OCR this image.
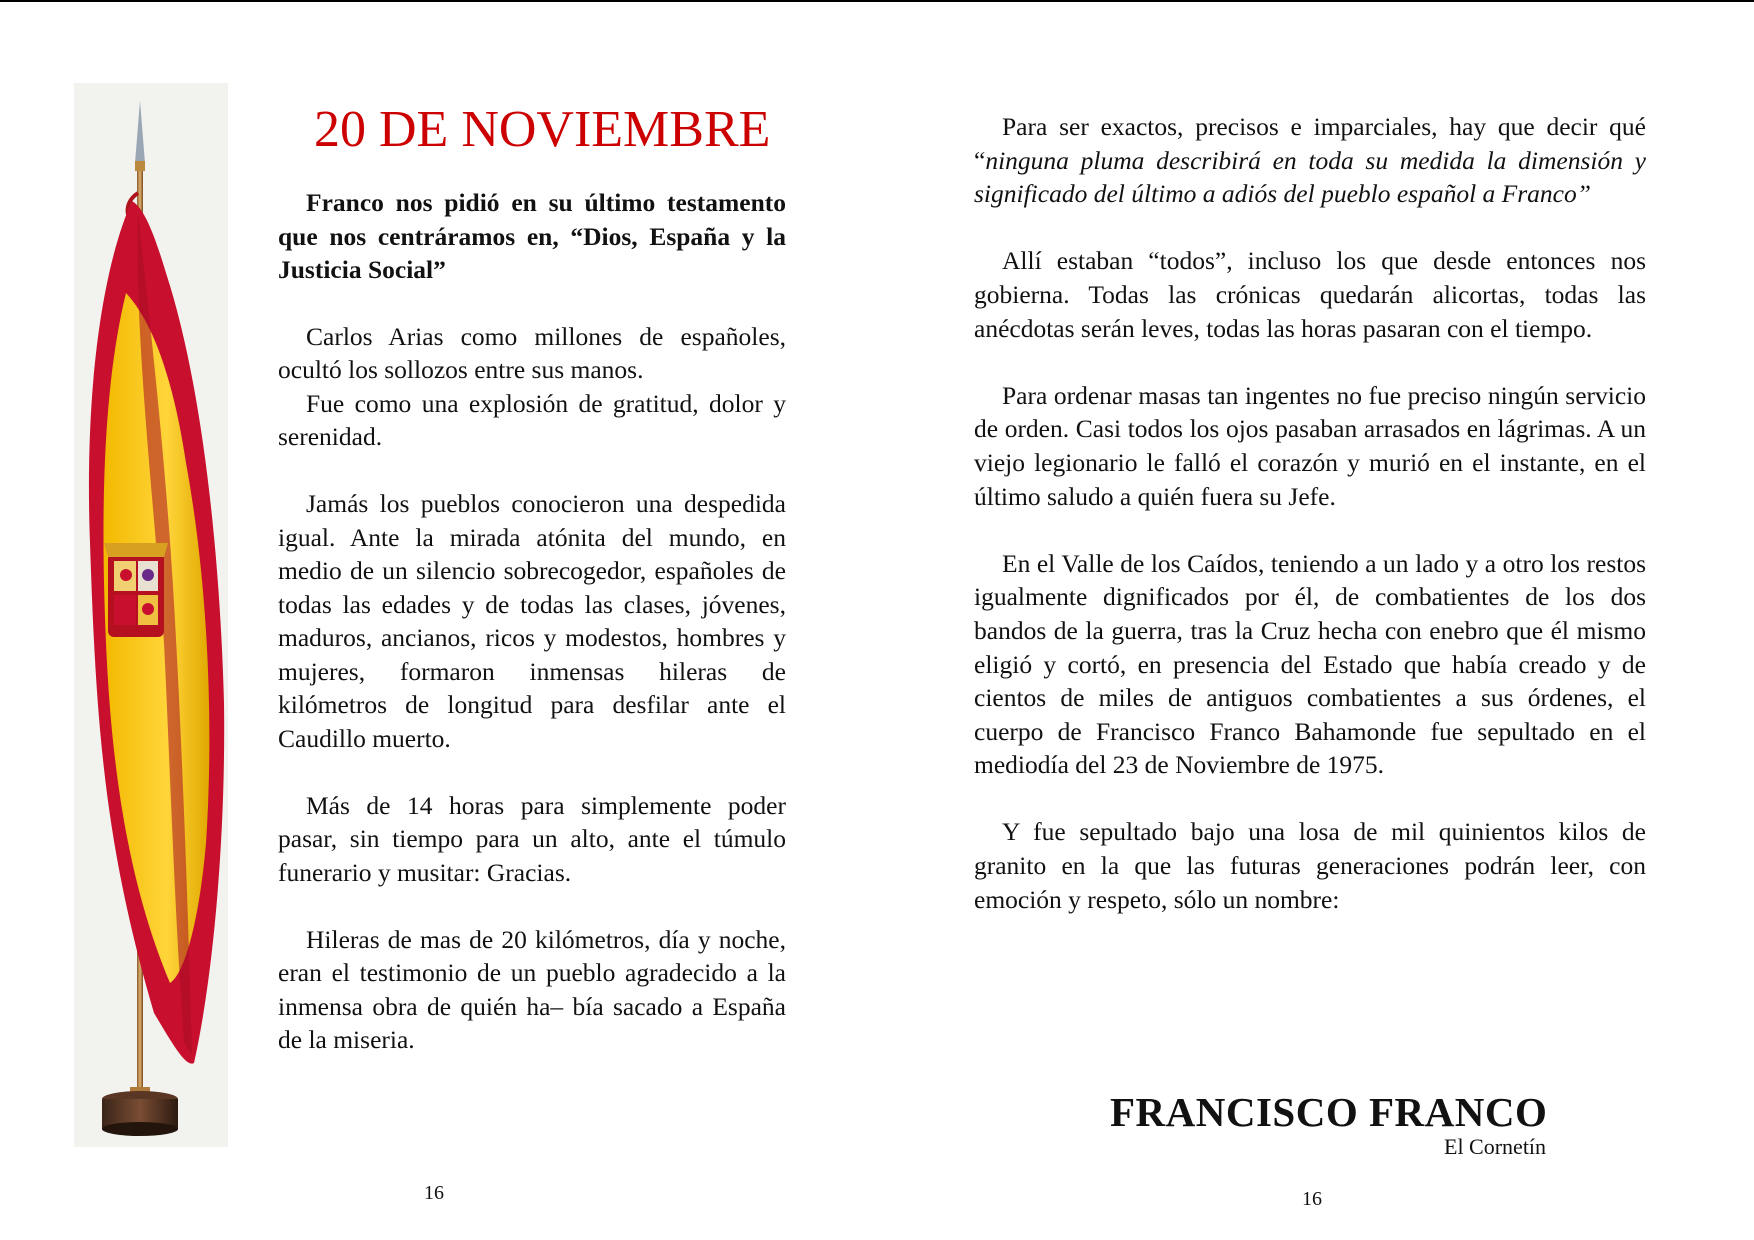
20 DE NOVIEMBRE

Franco nos pidió en su último testamento que nos centráramos en, “Dios, España y la Justicia Social”

Carlos Arias como millones de españoles, ocultó los sollozos entre sus manos.

Fue como una explosión de gratitud, dolor y serenidad.

Jamás los pueblos conocieron una despedida igual. Ante la mirada atónita del mundo, en medio de un silencio sobrecogedor, españoles de todas las edades y de todas las clases, jóvenes, maduros, ancianos, ricos y modestos, hombres y mujeres, formaron inmensas hileras de kilómetros de longitud para desfilar ante el Caudillo muerto.

Más de 14 horas para simplemente poder pasar, sin tiempo para un alto, ante el túmulo funerario y musitar: Gracias.

Hileras de mas de 20 kilómetros, día y noche, eran el testimonio de un pueblo agradecido a la inmensa obra de quién ha– bía sacado a España de la miseria.

Para ser exactos, precisos e imparciales, hay que decir qué “ninguna pluma describirá en toda su medida la dimensión y significado del último a adiós del pueblo español a Franco”

Allí estaban “todos”, incluso los que desde entonces nos gobierna. Todas las crónicas quedarán alicortas, todas las anécdotas serán leves, todas las horas pasaran con el tiempo.

Para ordenar masas tan ingentes no fue preciso ningún servicio de orden. Casi todos los ojos pasaban arrasados en lágrimas. A un viejo legionario le falló el corazón y murió en el instante, en el último saludo a quién fuera su Jefe.

En el Valle de los Caídos, teniendo a un lado y a otro los restos igualmente dignificados por él, de combatientes de los dos bandos de la guerra, tras la Cruz hecha con enebro que él mismo eligió y cortó, en presencia del Estado que había creado y de cientos de miles de antiguos combatientes a sus órdenes, el cuerpo de Francisco Franco Bahamonde fue sepultado en el mediodía del 23 de Noviembre de 1975.

Y fue sepultado bajo una losa de mil quinientos kilos de granito en la que las futuras generaciones podrán leer, con emoción y respeto, sólo un nombre:

FRANCISCO FRANCO
El Cornetín
16	16
